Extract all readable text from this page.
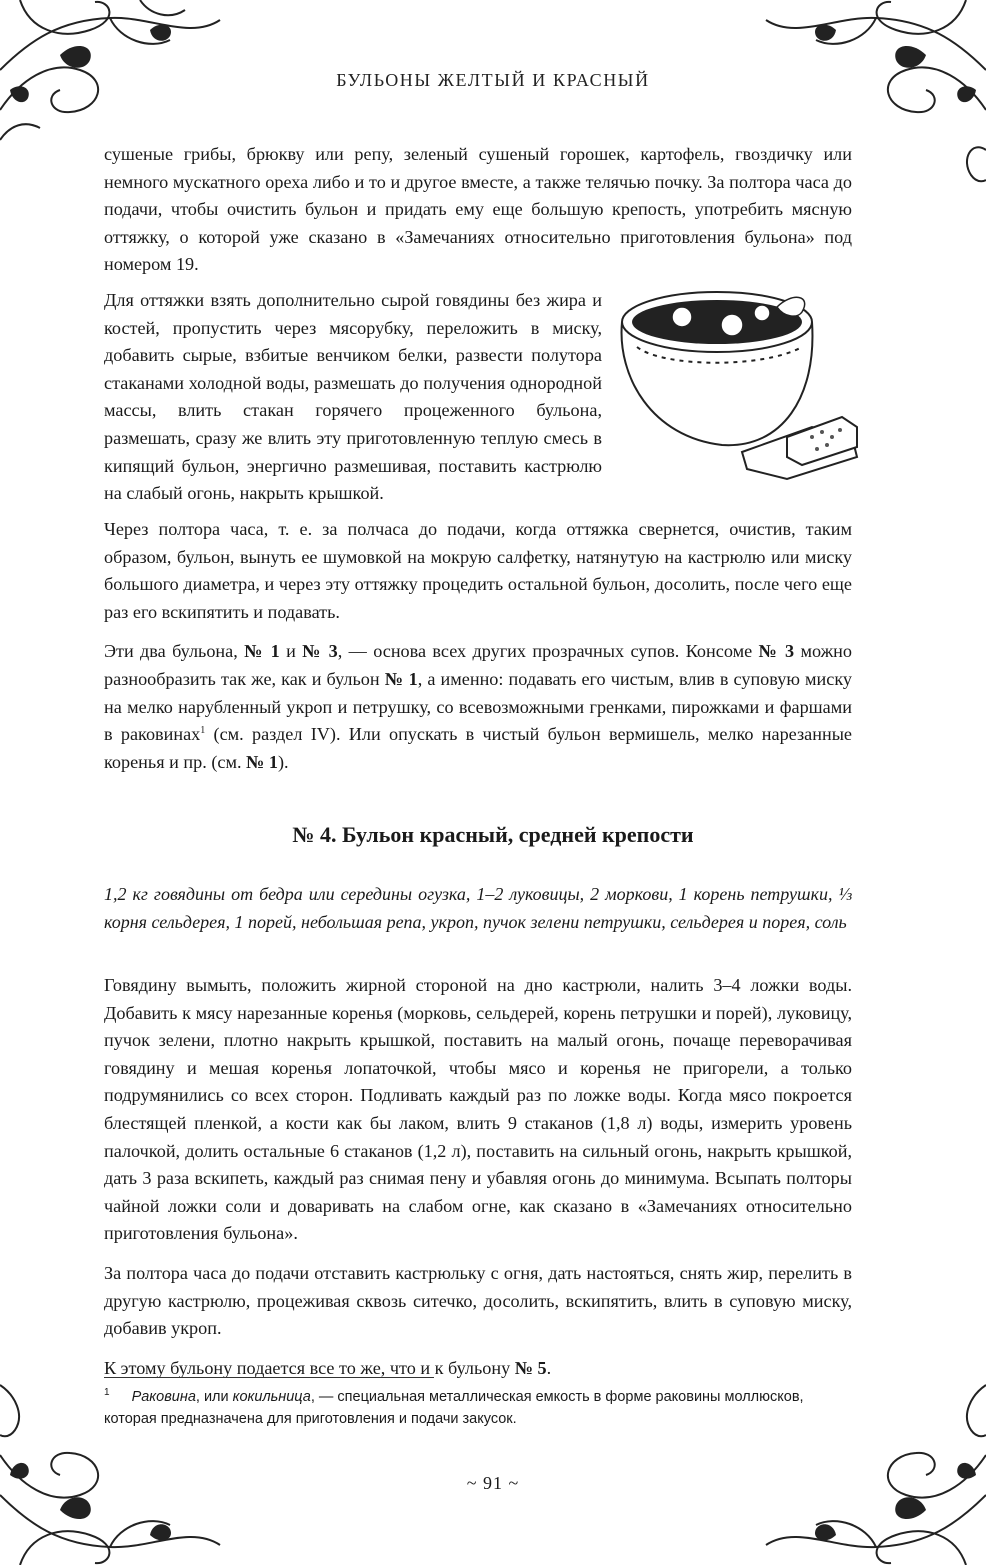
БУЛЬОНЫ ЖЕЛТЫЙ И КРАСНЫЙ

сушеные грибы, брюкву или репу, зеленый сушеный горошек, картофель, гвоздичку или немного мускатного ореха либо и то и другое вместе, а также телячью почку. За полтора часа до подачи, чтобы очистить бульон и придать ему еще большую крепость, употребить мясную оттяжку, о которой уже сказано в «Замечаниях относительно приготовления бульона» под номером 19.

Для оттяжки взять дополнительно сырой говядины без жира и костей, пропустить через мясорубку, переложить в миску, добавить сырые, взбитые венчиком белки, развести полутора стаканами холодной воды, размешать до получения однородной массы, влить стакан горячего процеженного бульона, размешать, сразу же влить эту приготовленную теплую смесь в кипящий бульон, энергично размешивая, поставить кастрюлю на слабый огонь, накрыть крышкой.

Через полтора часа, т. е. за полчаса до подачи, когда оттяжка свернется, очистив, таким образом, бульон, вынуть ее шумовкой на мокрую салфетку, натянутую на кастрюлю или миску большого диаметра, и через эту оттяжку процедить остальной бульон, досолить, после чего еще раз его вскипятить и подавать.

Эти два бульона, № 1 и № 3, — основа всех других прозрачных супов. Консоме № 3 можно разнообразить так же, как и бульон № 1, а именно: подавать его чистым, влив в суповую миску на мелко нарубленный укроп и петрушку, со всевозможными гренками, пирожками и фаршами в раковинах$^1$ (см. раздел IV). Или опускать в чистый бульон вермишель, мелко нарезанные коренья и пр. (см. № 1).

№ 4. Бульон красный, средней крепости
1,2 кг говядины от бедра или середины огузка, 1–2 луковицы, 2 моркови, 1 корень петрушки, ⅓ корня сельдерея, 1 порей, небольшая репа, укроп, пучок зелени петрушки, сельдерея и порея, соль

Говядину вымыть, положить жирной стороной на дно кастрюли, налить 3–4 ложки воды. Добавить к мясу нарезанные коренья (морковь, сельдерей, корень петрушки и порей), луковицу, пучок зелени, плотно накрыть крышкой, поставить на малый огонь, почаще переворачивая говядину и мешая коренья лопаточкой, чтобы мясо и коренья не пригорели, а только подрумянились со всех сторон. Подливать каждый раз по ложке воды. Когда мясо покроется блестящей пленкой, а кости как бы лаком, влить 9 стаканов (1,8 л) воды, измерить уровень палочкой, долить остальные 6 стаканов (1,2 л), поставить на сильный огонь, накрыть крышкой, дать 3 раза вскипеть, каждый раз снимая пену и убавляя огонь до минимума. Всыпать полторы чайной ложки соли и доваривать на слабом огне, как сказано в «Замечаниях относительно приготовления бульона».

За полтора часа до подачи отставить кастрюльку с огня, дать настояться, снять жир, перелить в другую кастрюлю, процеживая сквозь ситечко, досолить, вскипятить, влить в суповую миску, добавив укроп.

К этому бульону подается все то же, что и к бульону № 5.

$^1$ Раковина, или кокильница, — специальная металлическая емкость в форме раковины моллюсков, которая предназначена для приготовления и подачи закусок.
~ 91 ~
